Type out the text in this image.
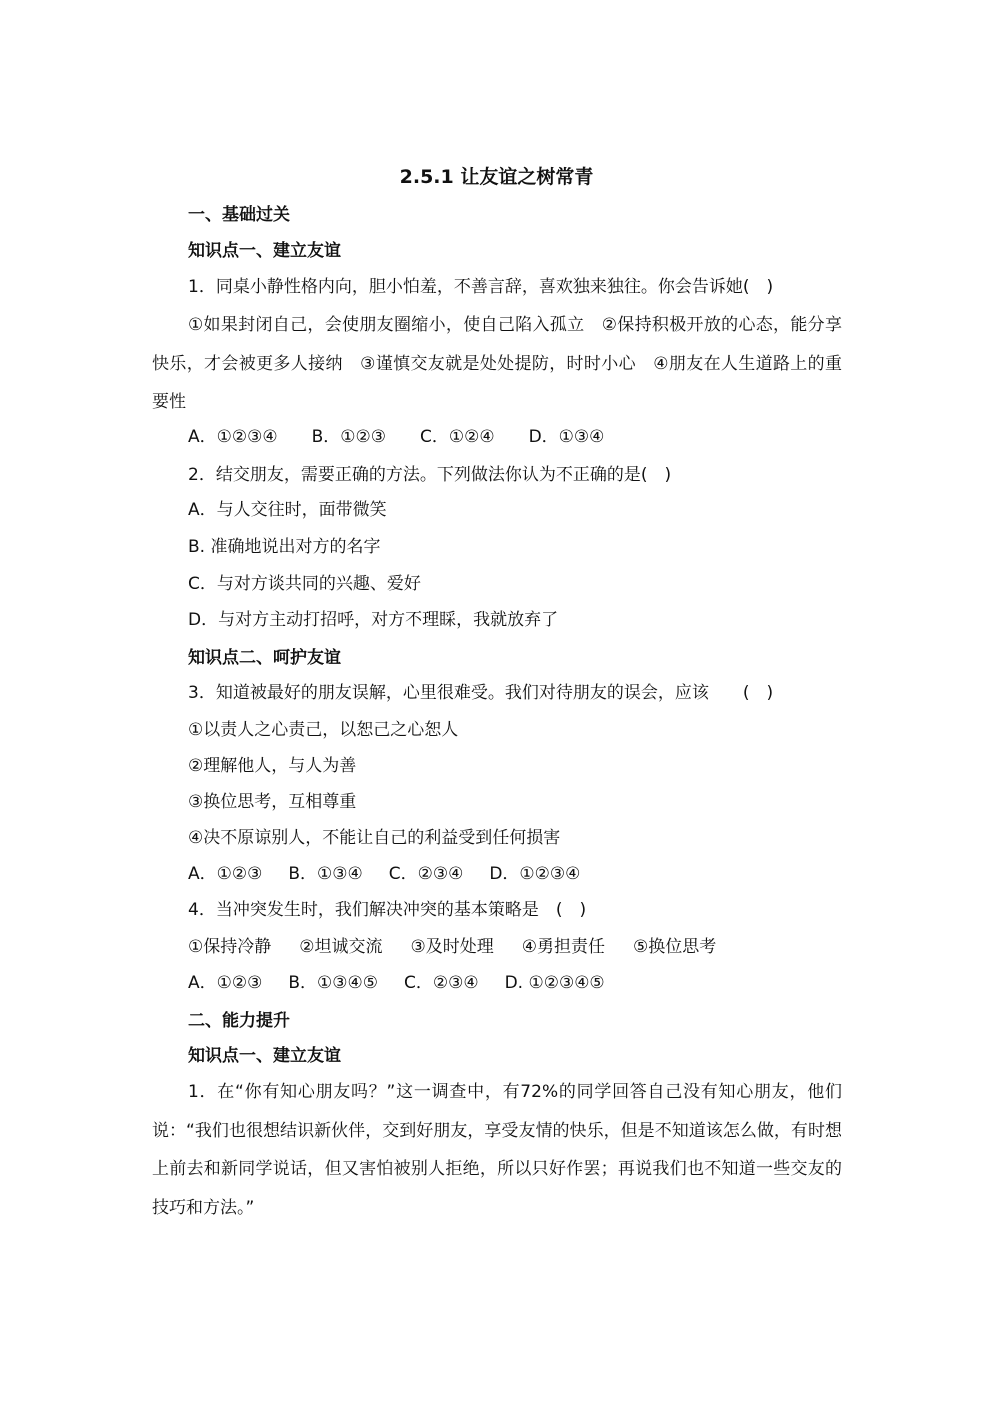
2.5.1 让友谊之树常青
一、基础过关
知识点一、建立友谊
1．同桌小静性格内向，胆小怕羞，不善言辞，喜欢独来独往。你会告诉她(　)
①如果封闭自己，会使朋友圈缩小，使自己陷入孤立　②保持积极开放的心态，能分享快乐，才会被更多人接纳　③谨慎交友就是处处提防，时时小心　④朋友在人生道路上的重要性
A．①②③④ B．①②③ C．①②④ D．①③④
2．结交朋友，需要正确的方法。下列做法你认为不正确的是(　)
A．与人交往时，面带微笑
B. 准确地说出对方的名字
C．与对方谈共同的兴趣、爱好
D．与对方主动打招呼，对方不理睬，我就放弃了
知识点二、呵护友谊
3．知道被最好的朋友误解，心里很难受。我们对待朋友的误会，应该　　(　)
①以责人之心责己，以恕己之心恕人
②理解他人，与人为善
③换位思考，互相尊重
④决不原谅别人，不能让自己的利益受到任何损害
A．①②③ B．①③④ C．②③④ D．①②③④
4．当冲突发生时，我们解决冲突的基本策略是　(　)
①保持冷静 ②坦诚交流 ③及时处理 ④勇担责任 ⑤换位思考
A．①②③ B．①③④⑤ C．②③④ D. ①②③④⑤
二、能力提升
知识点一、建立友谊
1．在“你有知心朋友吗？”这一调查中，有72%的同学回答自己没有知心朋友，他们说：“我们也很想结识新伙伴，交到好朋友，享受友情的快乐，但是不知道该怎么做，有时想上前去和新同学说话，但又害怕被别人拒绝，所以只好作罢；再说我们也不知道一些交友的技巧和方法。”
